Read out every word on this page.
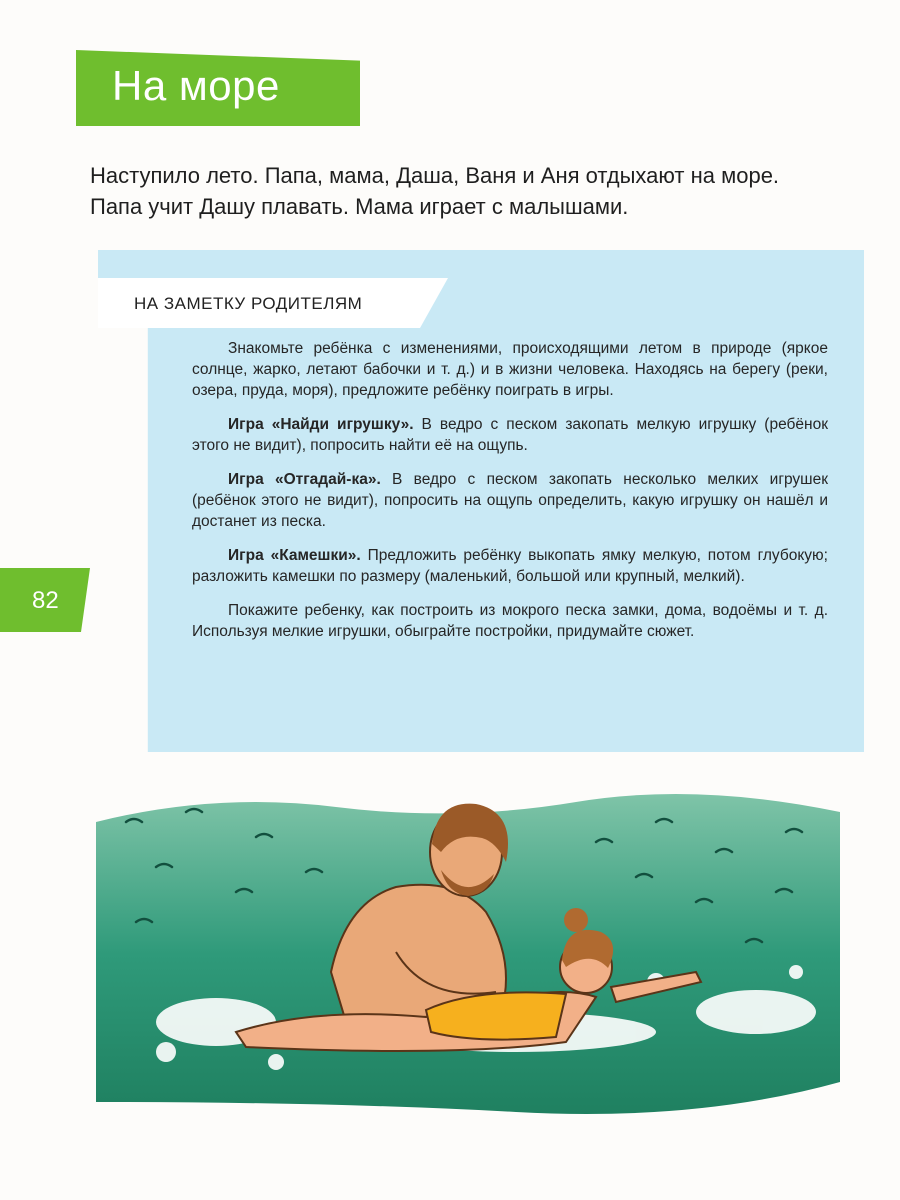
На море

Наступило лето. Папа, мама, Даша, Ваня и Аня отдыхают на море.
Папа учит Дашу плавать. Мама играет с малышами.

НА ЗАМЕТКУ РОДИТЕЛЯМ

Знакомьте ребёнка с изменениями, происходящими летом в природе (яркое солнце, жарко, летают бабочки и т. д.) и в жизни человека. Находясь на берегу (реки, озера, пруда, моря), предложите ребёнку поиграть в игры.

Игра «Найди игрушку». В ведро с песком закопать мелкую игрушку (ребёнок этого не видит), попросить найти её на ощупь.

Игра «Отгадай-ка». В ведро с песком закопать несколько мелких игрушек (ребёнок этого не видит), попросить на ощупь определить, какую игрушку он нашёл и достанет из песка.

Игра «Камешки». Предложить ребёнку выкопать ямку мелкую, потом глубокую; разложить камешки по размеру (маленький, большой или крупный, мелкий).

Покажите ребенку, как построить из мокрого песка замки, дома, водоёмы и т. д. Используя мелкие игрушки, обыграйте постройки, придумайте сюжет.

82
